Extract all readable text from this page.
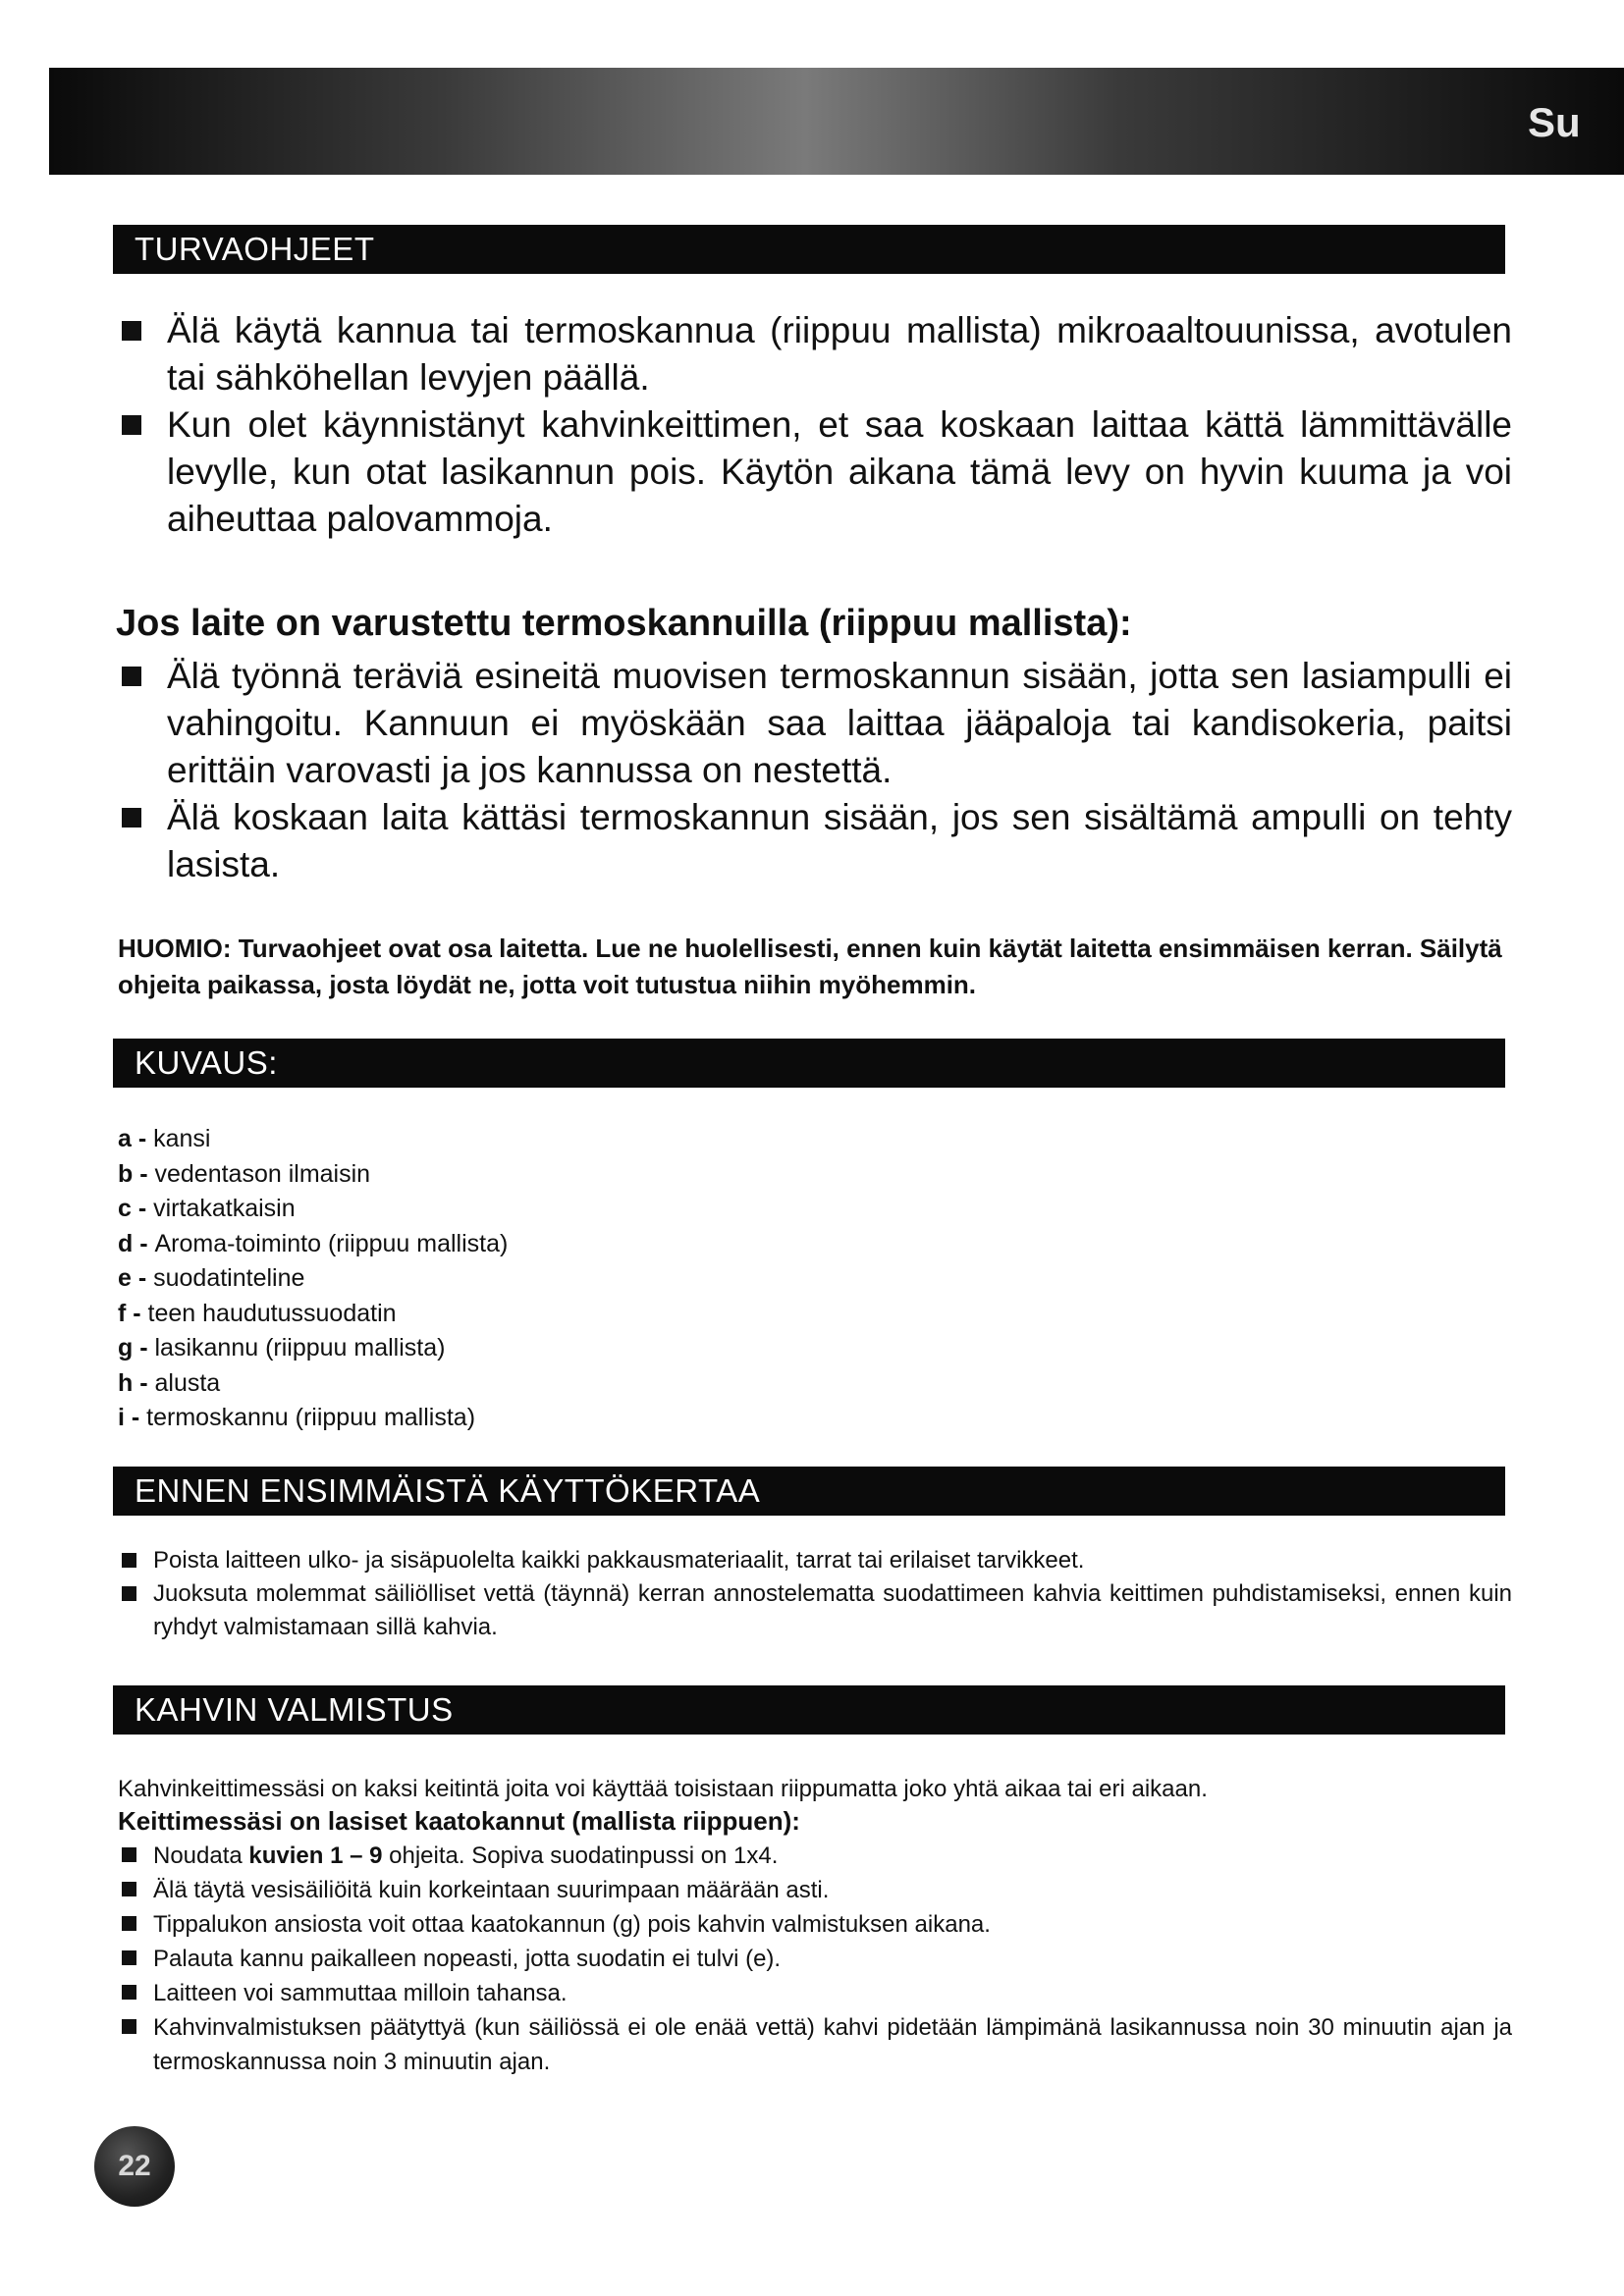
Su
TURVAOHJEET
Älä käytä kannua tai termoskannua (riippuu mallista) mikroaaltouunissa, avotulen tai sähköhellan levyjen päällä.
Kun olet käynnistänyt kahvinkeittimen, et saa koskaan laittaa kättä lämmittävälle levylle, kun otat lasikannun pois. Käytön aikana tämä levy on hyvin kuuma ja voi aiheuttaa palovammoja.
Jos laite on varustettu termoskannuilla (riippuu mallista):
Älä työnnä teräviä esineitä muovisen termoskannun sisään, jotta sen lasiampulli ei vahingoitu. Kannuun ei myöskään saa laittaa jääpaloja tai kandisokeria, paitsi erittäin varovasti ja jos kannussa on nestettä.
Älä koskaan laita kättäsi termoskannun sisään, jos sen sisältämä ampulli on tehty lasista.
HUOMIO: Turvaohjeet ovat osa laitetta. Lue ne huolellisesti, ennen kuin käytät laitetta ensimmäisen kerran. Säilytä ohjeita paikassa, josta löydät ne, jotta voit tutustua niihin myöhemmin.
KUVAUS:
a - kansi
b - vedentason ilmaisin
c - virtakatkaisin
d - Aroma-toiminto (riippuu mallista)
e - suodatinteline
f - teen haudutussuodatin
g - lasikannu (riippuu mallista)
h - alusta
i - termoskannu (riippuu mallista)
ENNEN ENSIMMÄISTÄ KÄYTTÖKERTAA
Poista laitteen ulko- ja sisäpuolelta kaikki pakkausmateriaalit, tarrat tai erilaiset tarvikkeet.
Juoksuta molemmat säiliölliset vettä (täynnä) kerran annostelematta suodattimeen kahvia keittimen puhdistamiseksi, ennen kuin ryhdyt valmistamaan sillä kahvia.
KAHVIN VALMISTUS
Kahvinkeittimessäsi on kaksi keitintä joita voi käyttää toisistaan riippumatta joko yhtä aikaa tai eri aikaan.
Keittimessäsi on lasiset kaatokannut (mallista riippuen):
Noudata kuvien 1 – 9 ohjeita. Sopiva suodatinpussi on 1x4.
Älä täytä vesisäiliöitä kuin korkeintaan suurimpaan määrään asti.
Tippalukon ansiosta voit ottaa kaatokannun (g) pois kahvin valmistuksen aikana.
Palauta kannu paikalleen nopeasti, jotta suodatin ei tulvi (e).
Laitteen voi sammuttaa milloin tahansa.
Kahvinvalmistuksen päätyttyä (kun säiliössä ei ole enää vettä) kahvi pidetään lämpimänä lasikannussa noin 30 minuutin ajan ja termoskannussa noin 3 minuutin ajan.
22
